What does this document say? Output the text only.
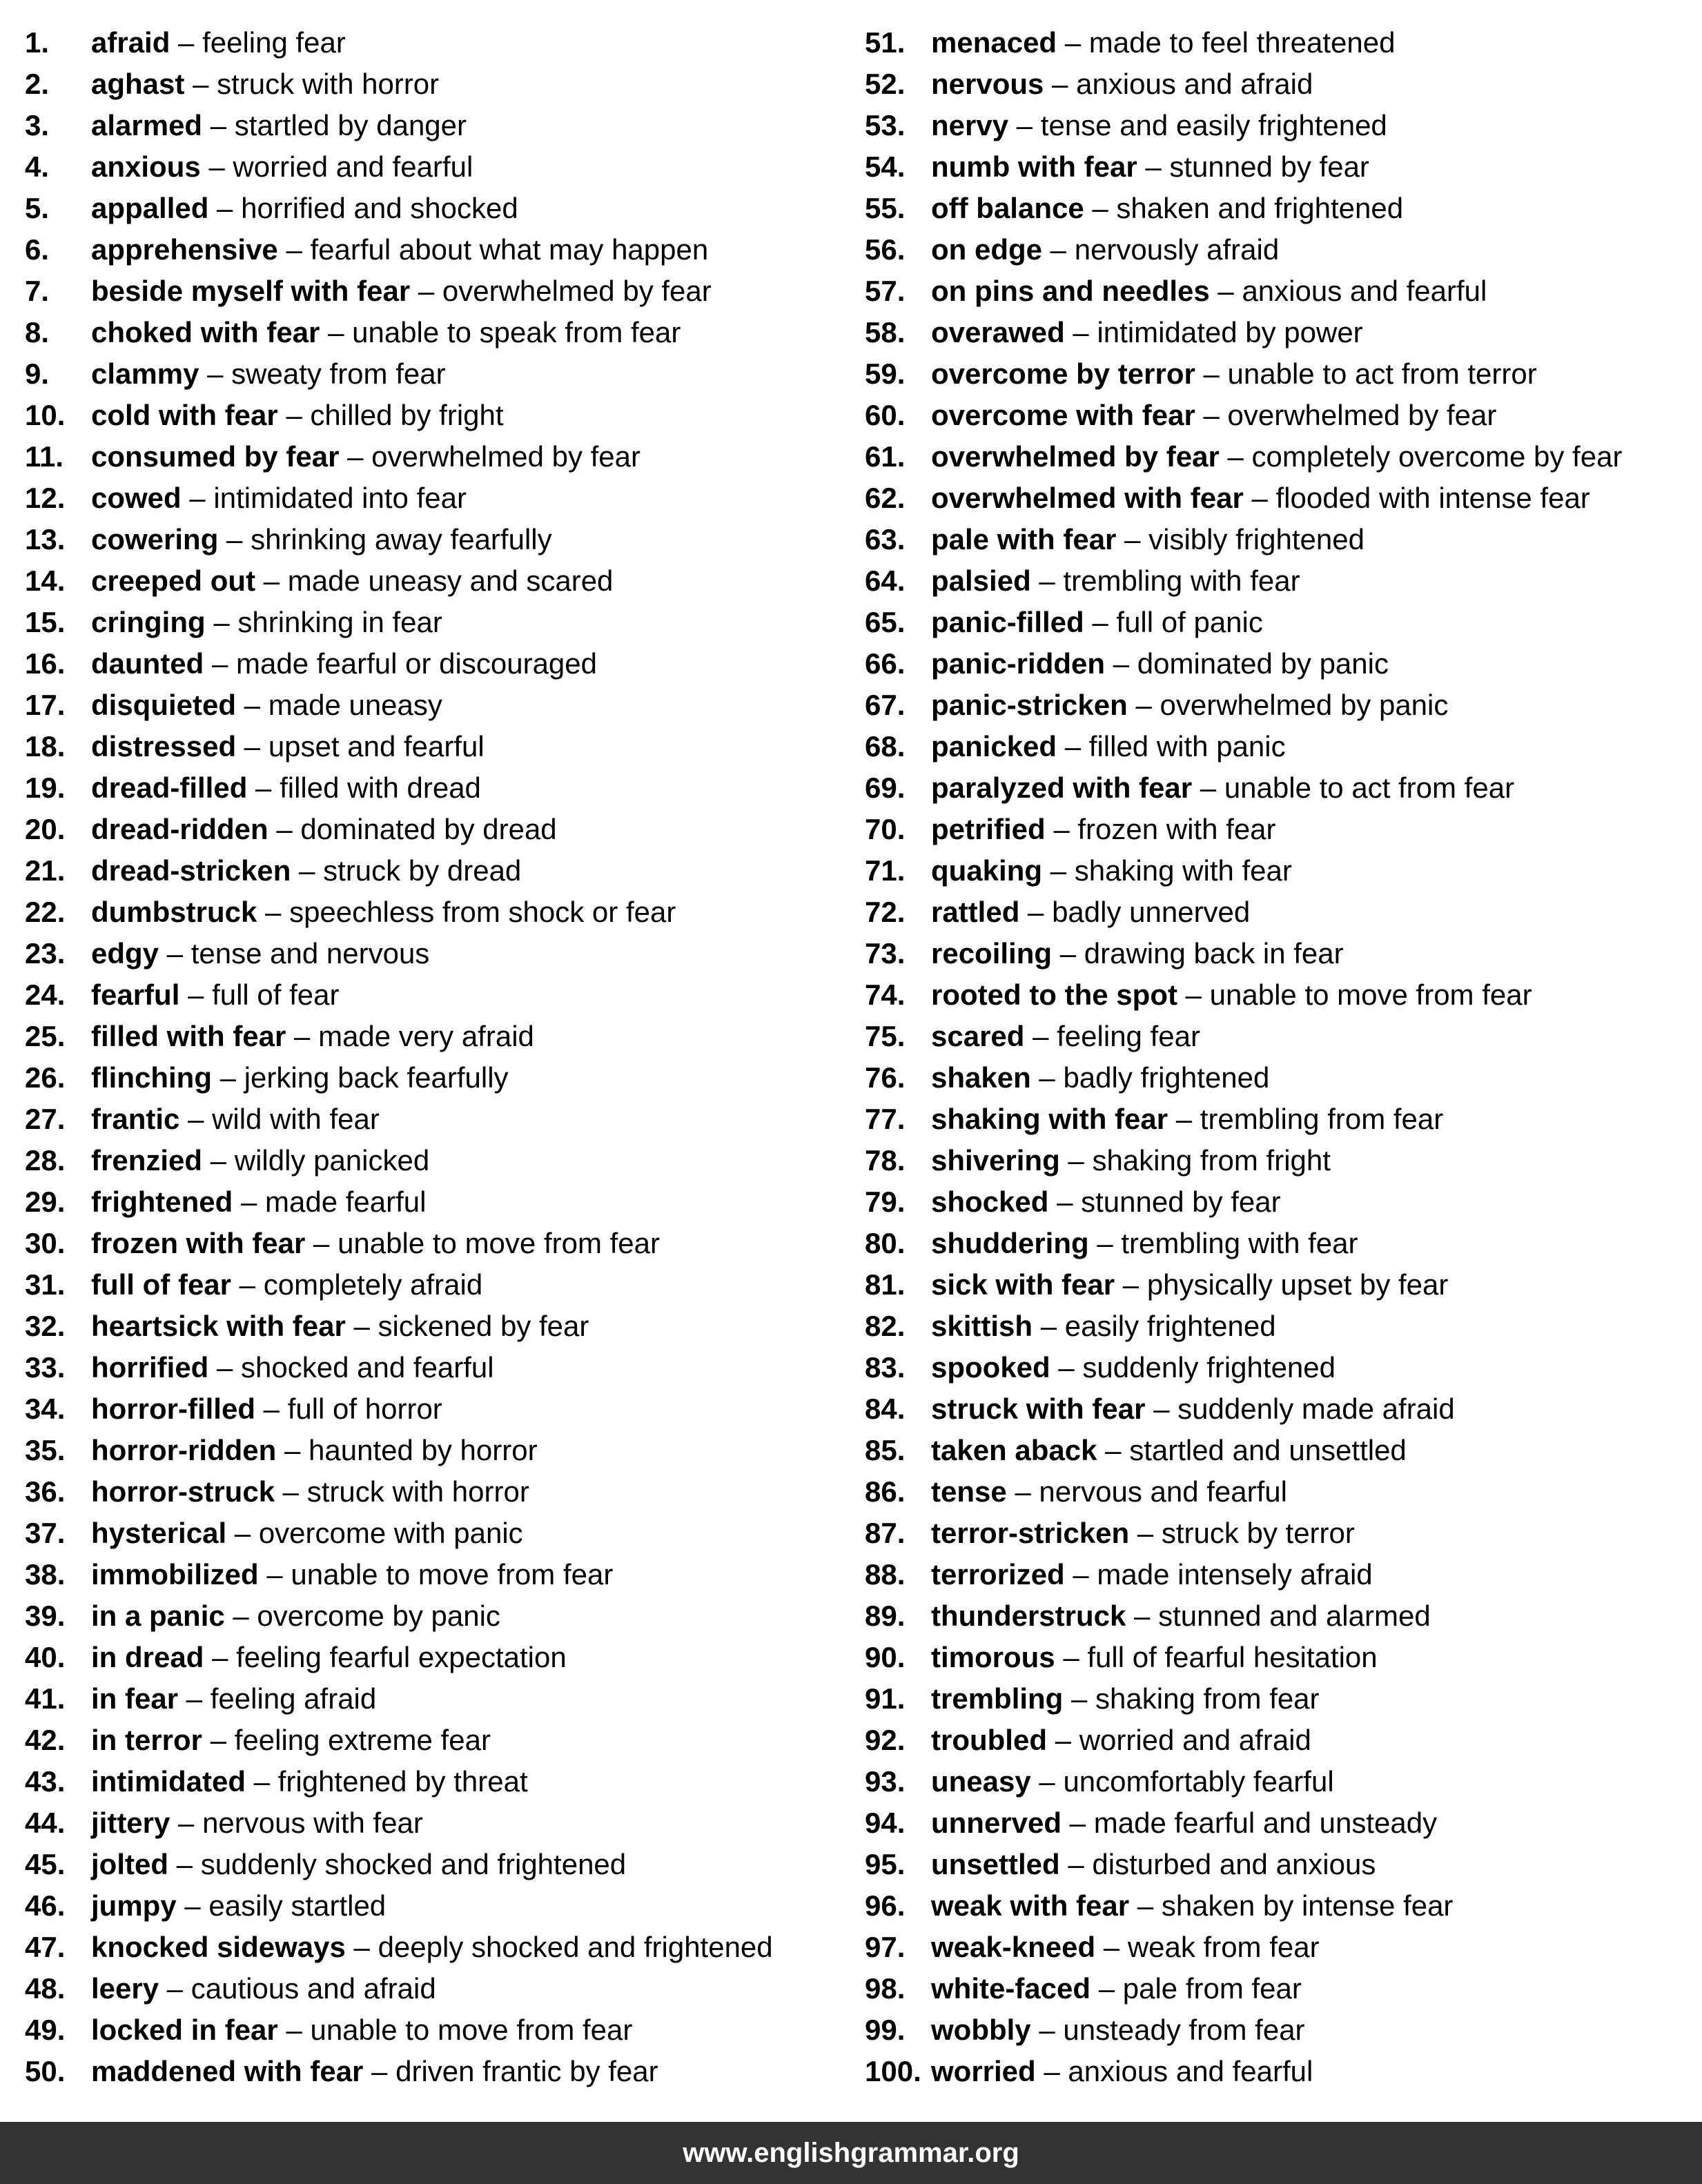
1.	afraid – feeling fear
2.	aghast – struck with horror
3.	alarmed – startled by danger
4.	anxious – worried and fearful
5.	appalled – horrified and shocked
6.	apprehensive – fearful about what may happen
7.	beside myself with fear – overwhelmed by fear
8.	choked with fear – unable to speak from fear
9.	clammy – sweaty from fear
10. cold with fear – chilled by fright
11. consumed by fear – overwhelmed by fear
12. cowed – intimidated into fear
13. cowering – shrinking away fearfully
14. creeped out – made uneasy and scared
15. cringing – shrinking in fear
16. daunted – made fearful or discouraged
17. disquieted – made uneasy
18. distressed – upset and fearful
19. dread-filled – filled with dread
20. dread-ridden – dominated by dread
21. dread-stricken – struck by dread
22. dumbstruck – speechless from shock or fear
23. edgy – tense and nervous
24. fearful – full of fear
25. filled with fear – made very afraid
26. flinching – jerking back fearfully
27. frantic – wild with fear
28. frenzied – wildly panicked
29. frightened – made fearful
30. frozen with fear – unable to move from fear
31. full of fear – completely afraid
32. heartsick with fear – sickened by fear
33. horrified – shocked and fearful
34. horror-filled – full of horror
35. horror-ridden – haunted by horror
36. horror-struck – struck with horror
37. hysterical – overcome with panic
38. immobilized – unable to move from fear
39. in a panic – overcome by panic
40. in dread – feeling fearful expectation
41. in fear – feeling afraid
42. in terror – feeling extreme fear
43. intimidated – frightened by threat
44. jittery – nervous with fear
45. jolted – suddenly shocked and frightened
46. jumpy – easily startled
47. knocked sideways – deeply shocked and frightened
48. leery – cautious and afraid
49. locked in fear – unable to move from fear
50. maddened with fear – driven frantic by fear
51. menaced – made to feel threatened
52. nervous – anxious and afraid
53. nervy – tense and easily frightened
54. numb with fear – stunned by fear
55. off balance – shaken and frightened
56. on edge – nervously afraid
57. on pins and needles – anxious and fearful
58. overawed – intimidated by power
59. overcome by terror – unable to act from terror
60. overcome with fear – overwhelmed by fear
61. overwhelmed by fear – completely overcome by fear
62. overwhelmed with fear – flooded with intense fear
63. pale with fear – visibly frightened
64. palsied – trembling with fear
65. panic-filled – full of panic
66. panic-ridden – dominated by panic
67. panic-stricken – overwhelmed by panic
68. panicked – filled with panic
69. paralyzed with fear – unable to act from fear
70. petrified – frozen with fear
71. quaking – shaking with fear
72. rattled – badly unnerved
73. recoiling – drawing back in fear
74. rooted to the spot – unable to move from fear
75. scared – feeling fear
76. shaken – badly frightened
77. shaking with fear – trembling from fear
78. shivering – shaking from fright
79. shocked – stunned by fear
80. shuddering – trembling with fear
81. sick with fear – physically upset by fear
82. skittish – easily frightened
83. spooked – suddenly frightened
84. struck with fear – suddenly made afraid
85. taken aback – startled and unsettled
86. tense – nervous and fearful
87. terror-stricken – struck by terror
88. terrorized – made intensely afraid
89. thunderstruck – stunned and alarmed
90. timorous – full of fearful hesitation
91. trembling – shaking from fear
92. troubled – worried and afraid
93. uneasy – uncomfortably fearful
94. unnerved – made fearful and unsteady
95. unsettled – disturbed and anxious
96. weak with fear – shaken by intense fear
97. weak-kneed – weak from fear
98. white-faced – pale from fear
99. wobbly – unsteady from fear
100. worried – anxious and fearful
www.englishgrammar.org
